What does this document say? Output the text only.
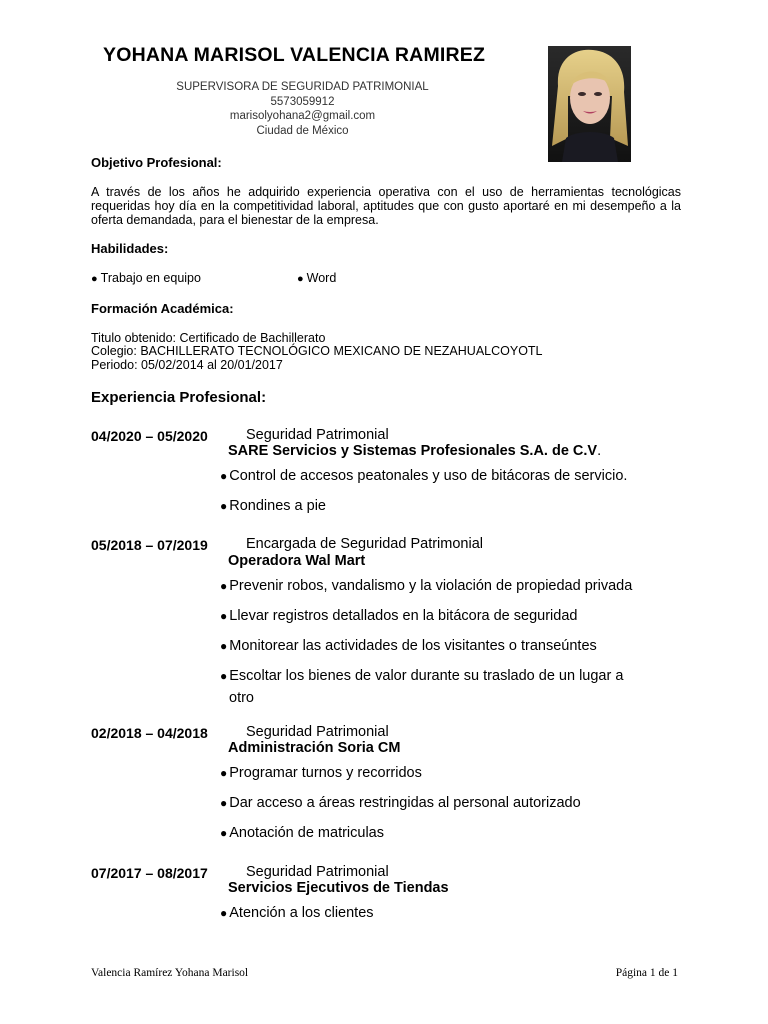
YOHANA MARISOL VALENCIA RAMIREZ
SUPERVISORA DE SEGURIDAD PATRIMONIAL
5573059912
marisolyohana2@gmail.com
Ciudad de México
Objetivo Profesional:
A través de los años he adquirido experiencia operativa con el uso de herramientas tecnológicas requeridas hoy día en la competitividad laboral, aptitudes que con gusto aportaré en mi desempeño a la oferta demandada, para el bienestar de la empresa.
Habilidades:
● Trabajo en equipo	● Word
Formación Académica:
Titulo obtenido: Certificado de Bachillerato
Colegio: BACHILLERATO TECNOLÓGICO MEXICANO DE NEZAHUALCOYOTL
Periodo: 05/02/2014 al 20/01/2017
Experiencia Profesional:
04/2020 – 05/2020	Seguridad Patrimonial
SARE Servicios y Sistemas Profesionales S.A. de C.V.
● Control de accesos peatonales y uso de bitácoras de servicio.
● Rondines a pie
05/2018 – 07/2019	Encargada de Seguridad Patrimonial
Operadora Wal Mart
● Prevenir robos, vandalismo y la violación de propiedad privada
● Llevar registros detallados en la bitácora de seguridad
● Monitorear las actividades de los visitantes o transeúntes
● Escoltar los bienes de valor durante su traslado de un lugar a
otro
02/2018 – 04/2018	Seguridad Patrimonial
Administración Soria CM
● Programar turnos y recorridos
● Dar acceso a áreas restringidas al personal autorizado
● Anotación de matriculas
07/2017 – 08/2017	Seguridad Patrimonial
Servicios Ejecutivos de Tiendas
● Atención a los clientes
Valencia Ramírez Yohana Marisol	Página 1 de 1
